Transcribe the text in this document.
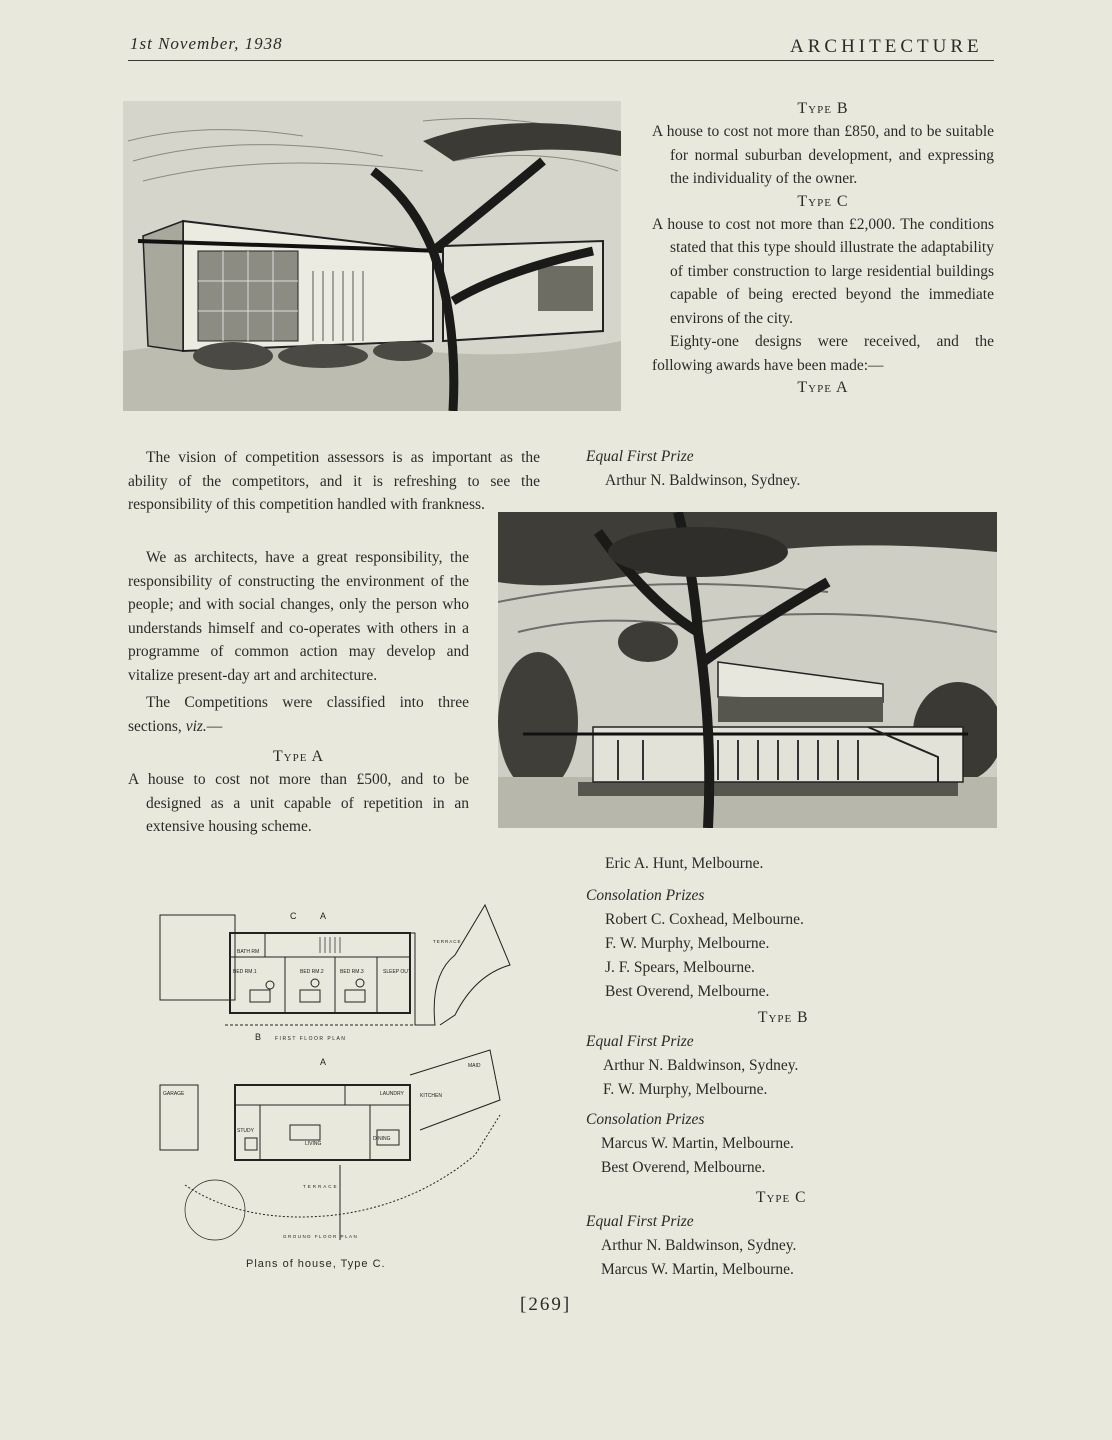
1st November, 1938	ARCHITECTURE
Type B
A house to cost not more than £850, and to be suitable for normal suburban development, and expressing the individuality of the owner.
Type C
A house to cost not more than £2,000. The conditions stated that this type should illustrate the adaptability of timber construction to large residential buildings capable of being erected beyond the immediate environs of the city.
Eighty-one designs were received, and the following awards have been made:—
Type A
Equal First Prize
Arthur N. Baldwinson, Sydney.
The vision of competition assessors is as important as the ability of the competitors, and it is refreshing to see the responsibility of this competition handled with frankness.
We as architects, have a great responsibility, the responsibility of constructing the environment of the people; and with social changes, only the person who understands himself and co-operates with others in a programme of common action may develop and vitalize present-day art and architecture.
The Competitions were classified into three sections, viz.—
Type A
A house to cost not more than £500, and to be designed as a unit capable of repetition in an extensive housing scheme.
Eric A. Hunt, Melbourne.
Consolation Prizes
Robert C. Coxhead, Melbourne.
F. W. Murphy, Melbourne.
J. F. Spears, Melbourne.
Best Overend, Melbourne.
Type B
Equal First Prize
Arthur N. Baldwinson, Sydney.
F. W. Murphy, Melbourne.
Consolation Prizes
Marcus W. Martin, Melbourne.
Best Overend, Melbourne.
Type C
Equal First Prize
Arthur N. Baldwinson, Sydney.
Marcus W. Martin, Melbourne.
BATH RM
BED RM.1	BED RM.2	BED RM.3	SLEEP OUT
TERRACE
FIRST FLOOR PLAN
C	A
B
A
GARAGE
STUDY
LIVING
DINING
KITCHEN
MAID
LAUNDRY
TERRACE
GROUND FLOOR PLAN
Plans of house, Type C.
[269]
